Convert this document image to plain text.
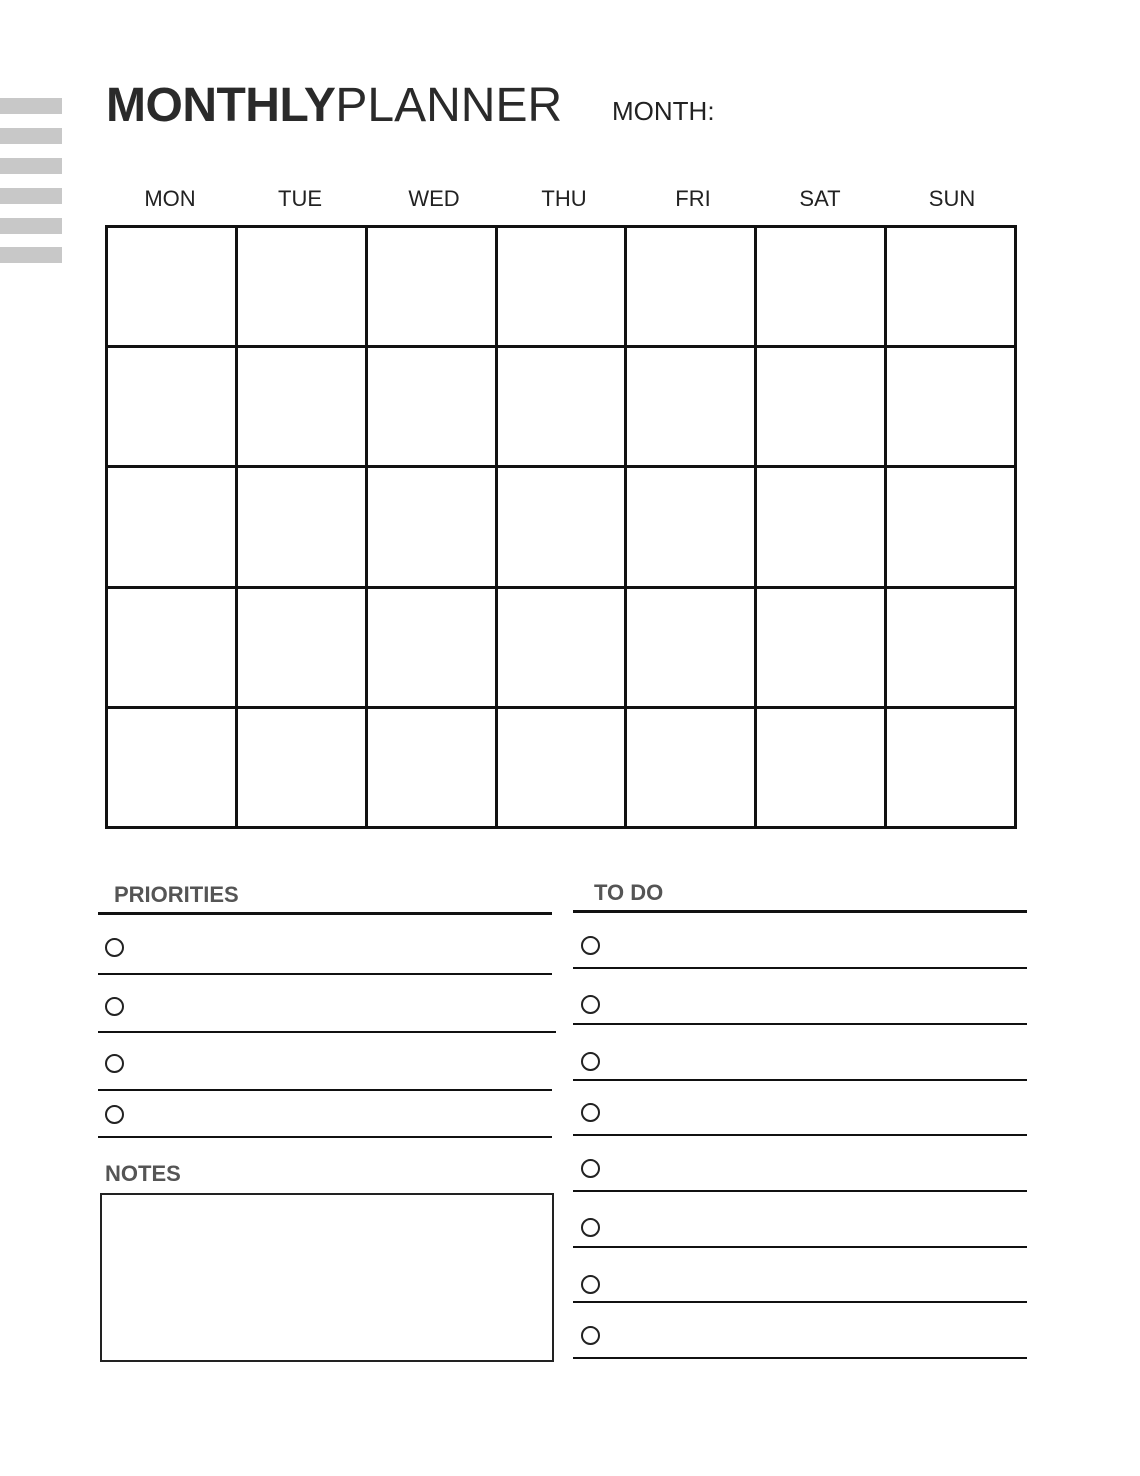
MONTHLYPLANNER MONTH:
MON	TUE	WED	THU	FRI	SAT	SUN
PRIORITIES
NOTES
TO DO
